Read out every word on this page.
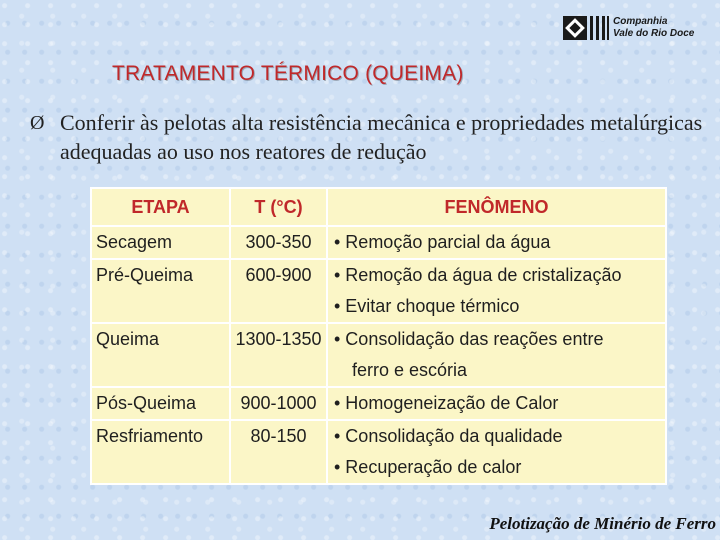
Companhia
Vale do Rio Doce
TRATAMENTO TÉRMICO (QUEIMA)
Ø Conferir às pelotas alta resistência mecânica e propriedades metalúrgicas adequadas ao uso nos reatores de redução
ETAPA	T (°C)	FENÔMENO

Secagem	300-350	• Remoção parcial da água

Pré-Queima	600-900	• Remoção da água de cristalização
• Evitar choque térmico

Queima	1300-1350	• Consolidação das reações entre
ferro e escória

Pós-Queima	900-1000	• Homogeneização de Calor

Resfriamento	80-150	• Consolidação da qualidade
• Recuperação de calor
Pelotização de Minério de Ferro
